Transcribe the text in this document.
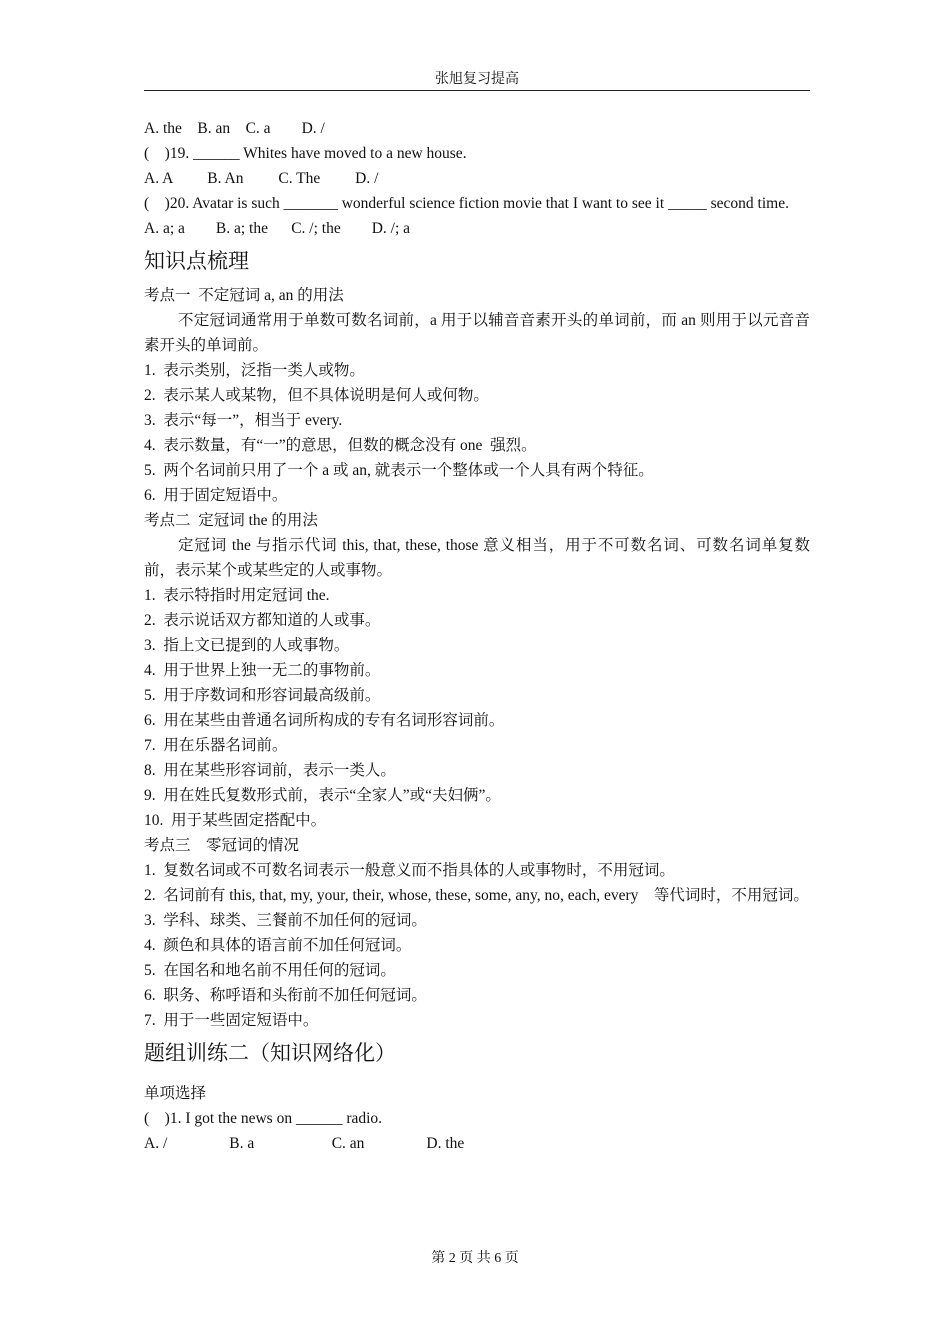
张旭复习提高
A. the    B. an    C. a        D. /
(    )19. ______ Whites have moved to a new house.
A. A         B. An         C. The         D. /
(    )20. Avatar is such _______ wonderful science fiction movie that I want to see it _____ second time.
A. a; a        B. a; the      C. /; the        D. /; a
知识点梳理
考点一  不定冠词 a, an 的用法
不定冠词通常用于单数可数名词前，a 用于以辅音音素开头的单词前，而 an 则用于以元音音素开头的单词前。
1.  表示类别，泛指一类人或物。
2.  表示某人或某物，但不具体说明是何人或何物。
3.  表示“每一”，相当于 every.
4.  表示数量，有“一”的意思，但数的概念没有 one  强烈。
5.  两个名词前只用了一个 a 或 an, 就表示一个整体或一个人具有两个特征。
6.  用于固定短语中。
考点二  定冠词 the 的用法
定冠词 the 与指示代词 this, that, these, those 意义相当，用于不可数名词、可数名词单复数前，表示某个或某些定的人或事物。
1.  表示特指时用定冠词 the.
2.  表示说话双方都知道的人或事。
3.  指上文已提到的人或事物。
4.  用于世界上独一无二的事物前。
5.  用于序数词和形容词最高级前。
6.  用在某些由普通名词所构成的专有名词形容词前。
7.  用在乐器名词前。
8.  用在某些形容词前，表示一类人。
9.  用在姓氏复数形式前，表示“全家人”或“夫妇俩”。
10.  用于某些固定搭配中。
考点三    零冠词的情况
1.  复数名词或不可数名词表示一般意义而不指具体的人或事物时，不用冠词。
2.  名词前有 this, that, my, your, their, whose, these, some, any, no, each, every    等代词时，不用冠词。
3.  学科、球类、三餐前不加任何的冠词。
4.  颜色和具体的语言前不加任何冠词。
5.  在国名和地名前不用任何的冠词。
6.  职务、称呼语和头衔前不加任何冠词。
7.  用于一些固定短语中。
题组训练二（知识网络化）
单项选择
(    )1. I got the news on ______ radio.
A. /                B. a                    C. an                D. the
第 2 页 共 6 页
